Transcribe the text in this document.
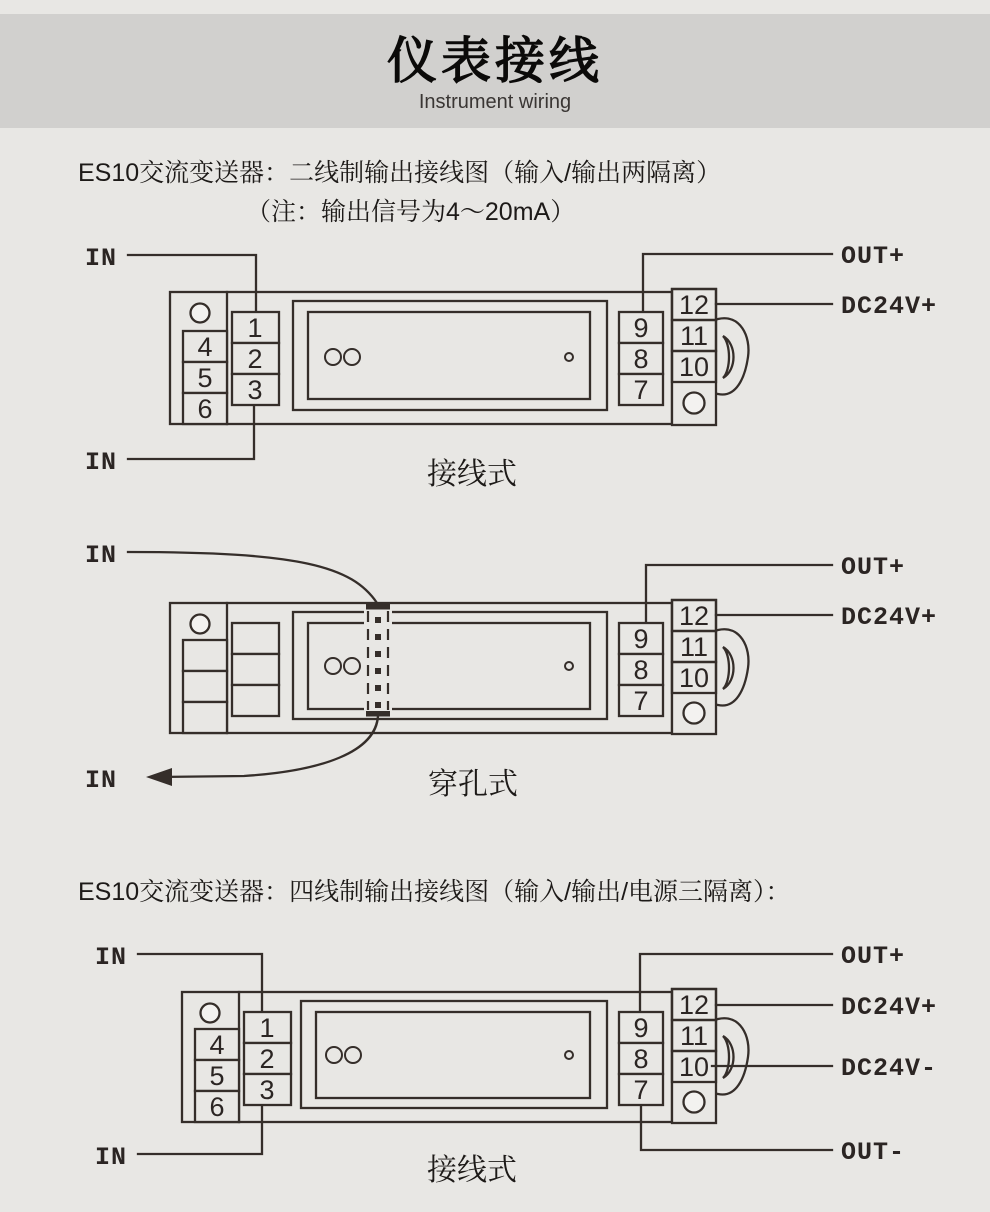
仪表接线
Instrument wiring
ES10交流变送器：二线制输出接线图（输入/输出两隔离）
（注：输出信号为4～20mA）
ES10交流变送器：四线制输出接线图（输入/输出/电源三隔离）：
4
5
6
1
2
3
9
8
7
12
11
10
IN
IN
OUT+
DC24V+
接线式
9
8
7
12
11
10
IN
IN
OUT+
DC24V+
穿孔式
4
5
6
1
2
3
9
8
7
12
11
10
IN
IN
OUT+
DC24V+
DC24V-
OUT-
接线式
